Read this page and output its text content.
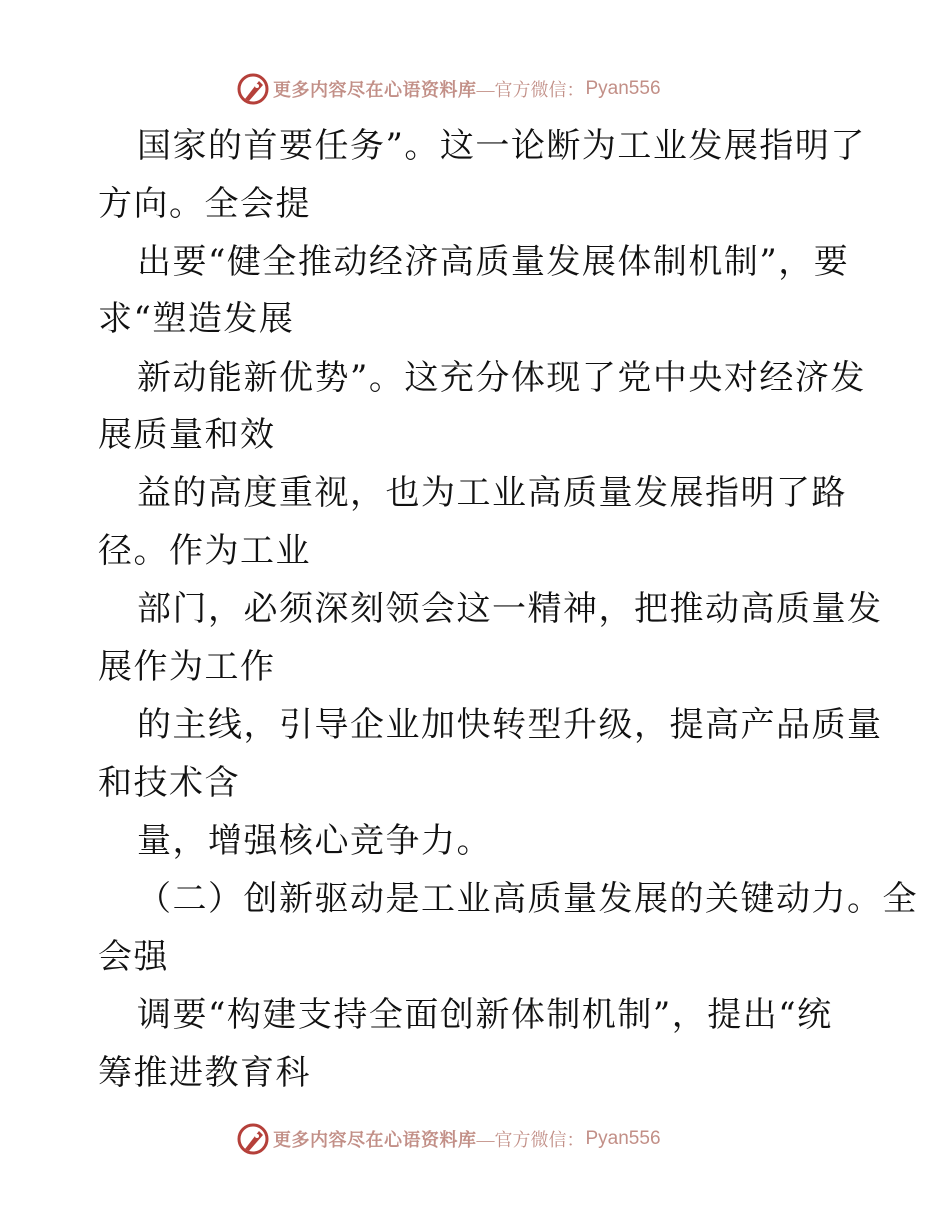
更多内容尽在心语资料库 —官方微信： Pyan556
国家的首要任务”。这一论断为工业发展指明了
方向。全会提
出要“健全推动经济高质量发展体制机制”，要
求“塑造发展
新动能新优势”。这充分体现了党中央对经济发
展质量和效
益的高度重视，也为工业高质量发展指明了路
径。作为工业
部门，必须深刻领会这一精神，把推动高质量发
展作为工作
的主线，引导企业加快转型升级，提高产品质量
和技术含
量，增强核心竞争力。
（二）创新驱动是工业高质量发展的关键动力。全
会强
调要“构建支持全面创新体制机制”，提出“统
筹推进教育科
更多内容尽在心语资料库 —官方微信： Pyan556
